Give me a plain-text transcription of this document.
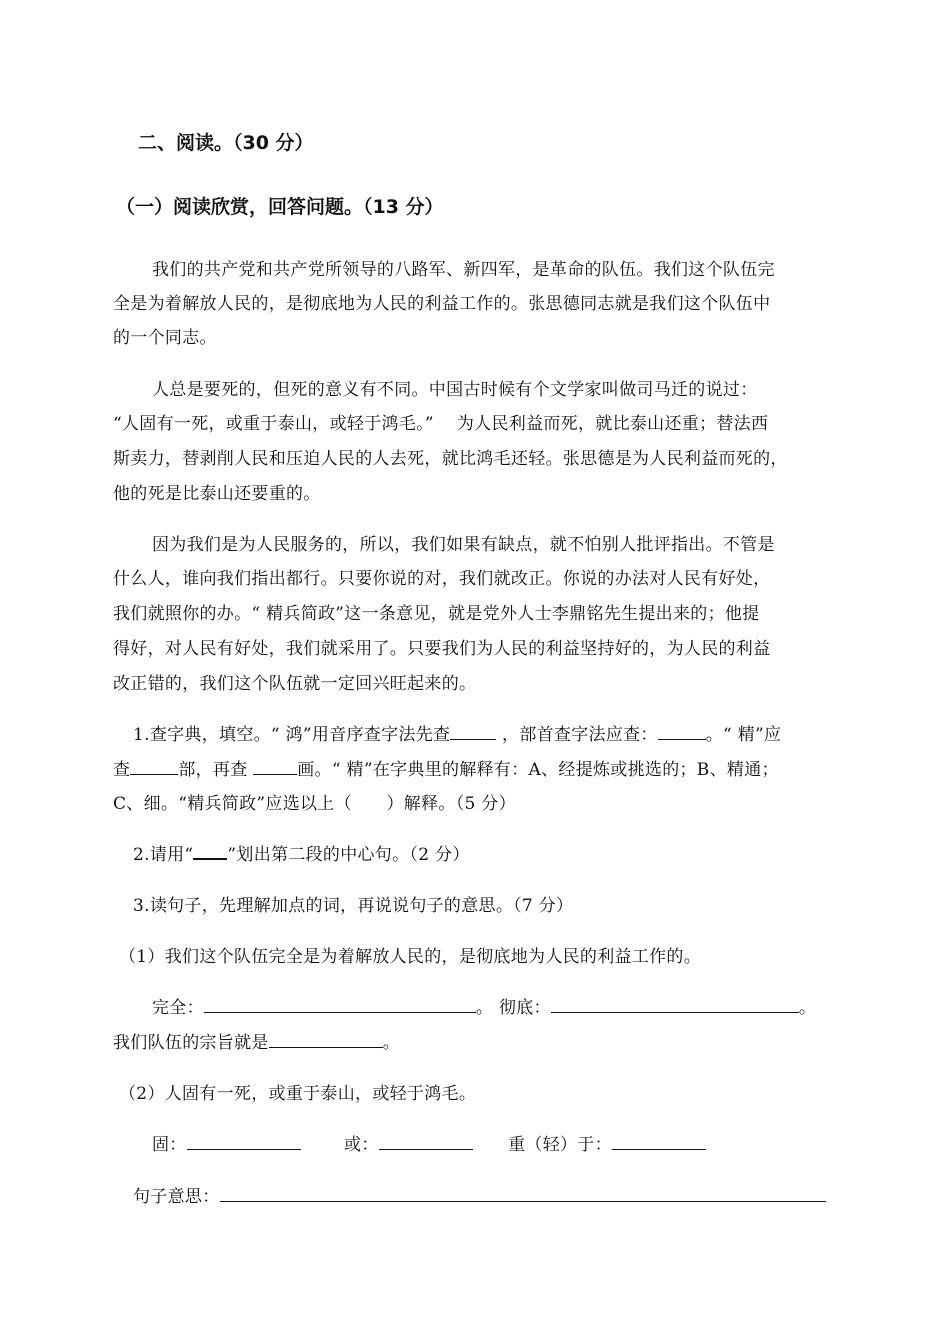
二、阅读。（30 分）
（一）阅读欣赏，回答问题。（13 分）
我们的共产党和共产党所领导的八路军、新四军，是革命的队伍。我们这个队伍完
全是为着解放人民的，是彻底地为人民的利益工作的。张思德同志就是我们这个队伍中
的一个同志。
人总是要死的，但死的意义有不同。中国古时候有个文学家叫做司马迁的说过：
“人固有一死，或重于泰山，或轻于鸿毛。”　 为人民利益而死，就比泰山还重；替法西
斯卖力，替剥削人民和压迫人民的人去死，就比鸿毛还轻。张思德是为人民利益而死的，
他的死是比泰山还要重的。
因为我们是为人民服务的，所以，我们如果有缺点，就不怕别人批评指出。不管是
什么人，谁向我们指出都行。只要你说的对，我们就改正。你说的办法对人民有好处，
我们就照你的办。“ 精兵简政”这一条意见，就是党外人士李鼎铭先生提出来的；他提
得好，对人民有好处，我们就采用了。只要我们为人民的利益坚持好的，为人民的利益
改正错的，我们这个队伍就一定回兴旺起来的。
1.查字典，填空。“ 鸿”用音序查字法先查	，部首查字法应查：	。“ 精”应
查	部，再查	画。“ 精”在字典里的解释有：A、经提炼或挑选的；B、精通；
C、细。“精兵简政”应选以上（　　）解释。（5 分）
2.请用“ ”划出第二段的中心句。（2 分）
3.读句子，先理解加点的词，再说说句子的意思。（7 分）
（1）我们这个队伍完全是为着解放人民的，是彻底地为人民的利益工作的。
完全：	。 彻底：	。
我们队伍的宗旨就是	。
（2）人固有一死，或重于泰山，或轻于鸿毛。
固：	或：	重（轻）于：
句子意思：
